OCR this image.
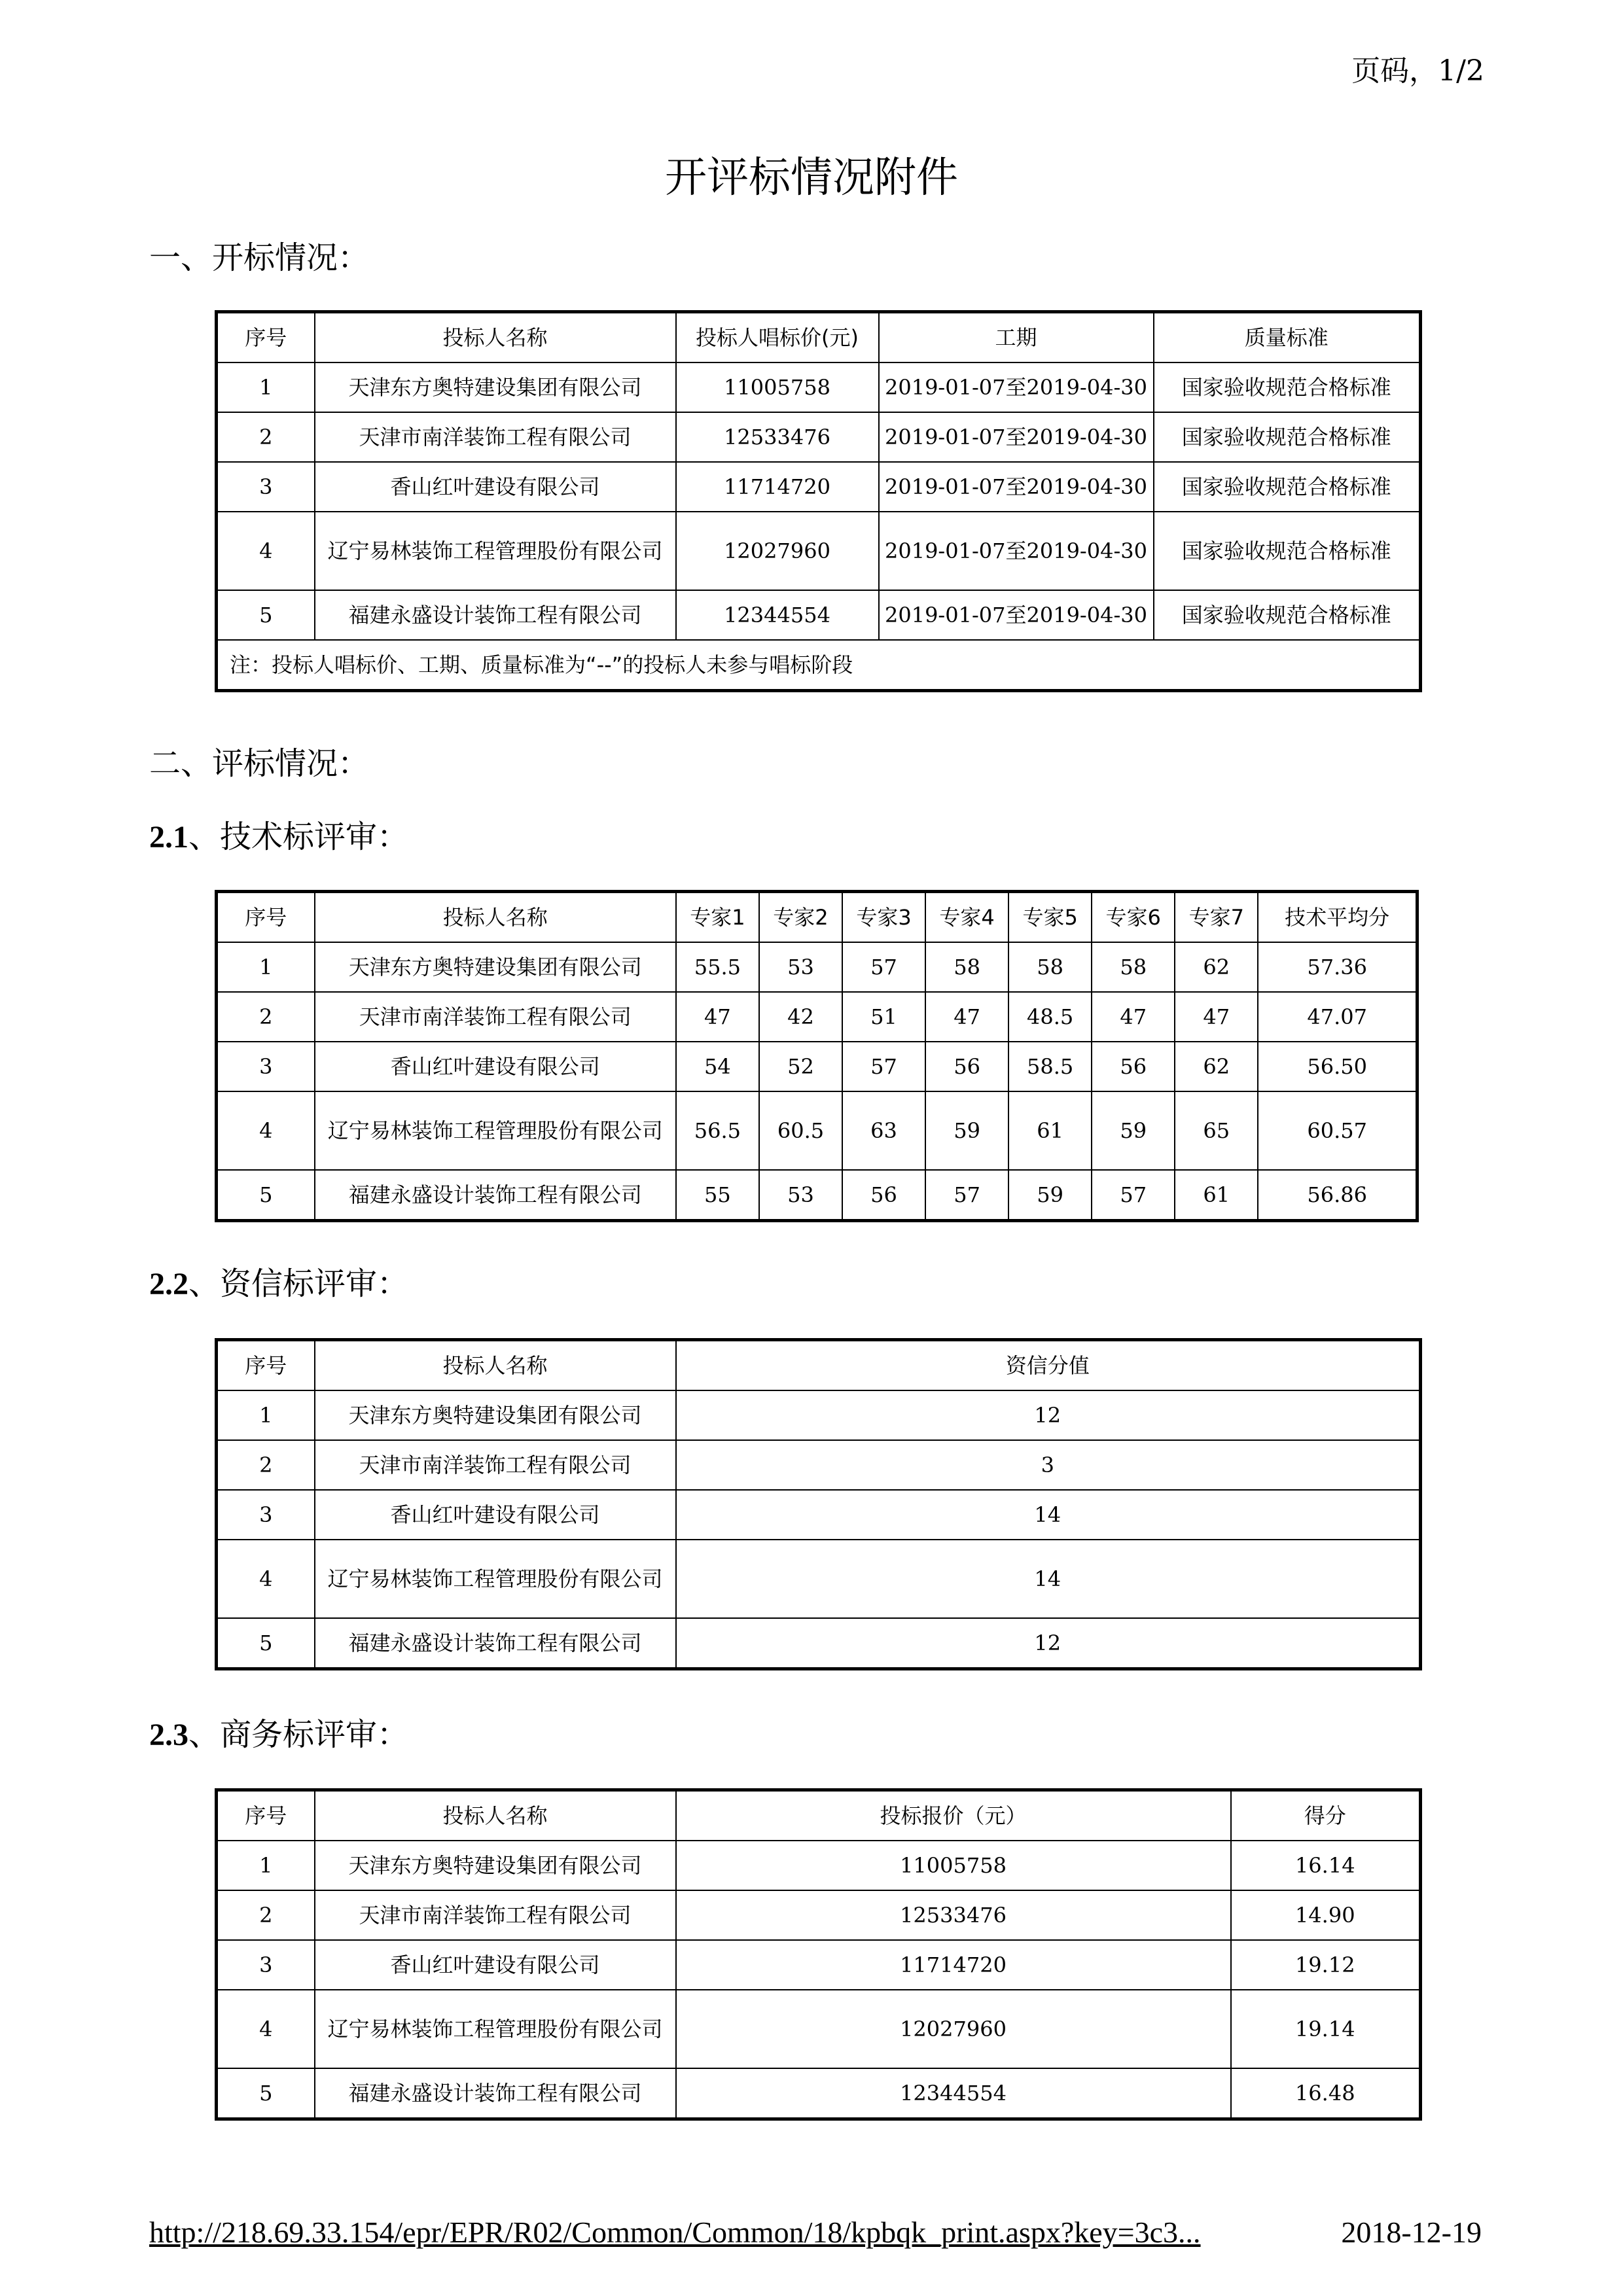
页码，1/2
开评标情况附件
一、开标情况：
序号	投标人名称	投标人唱标价(元)	工期	质量标准
1	天津东方奥特建设集团有限公司	11005758	2019-01-07至2019-04-30	国家验收规范合格标准
2	天津市南洋装饰工程有限公司	12533476	2019-01-07至2019-04-30	国家验收规范合格标准
3	香山红叶建设有限公司	11714720	2019-01-07至2019-04-30	国家验收规范合格标准
4	辽宁易林装饰工程管理股份有限公司	12027960	2019-01-07至2019-04-30	国家验收规范合格标准
5	福建永盛设计装饰工程有限公司	12344554	2019-01-07至2019-04-30	国家验收规范合格标准
注：投标人唱标价、工期、质量标准为“--”的投标人未参与唱标阶段				
二、评标情况：
2.1、技术标评审：
序号	投标人名称	专家1	专家2	专家3	专家4	专家5	专家6	专家7	技术平均分
1	天津东方奥特建设集团有限公司	55.5	53	57	58	58	58	62	57.36
2	天津市南洋装饰工程有限公司	47	42	51	47	48.5	47	47	47.07
3	香山红叶建设有限公司	54	52	57	56	58.5	56	62	56.50
4	辽宁易林装饰工程管理股份有限公司	56.5	60.5	63	59	61	59	65	60.57
5	福建永盛设计装饰工程有限公司	55	53	56	57	59	57	61	56.86
2.2、资信标评审：
序号	投标人名称	资信分值
1	天津东方奥特建设集团有限公司	12
2	天津市南洋装饰工程有限公司	3
3	香山红叶建设有限公司	14
4	辽宁易林装饰工程管理股份有限公司	14
5	福建永盛设计装饰工程有限公司	12
2.3、商务标评审：
序号	投标人名称	投标报价（元）	得分
1	天津东方奥特建设集团有限公司	11005758	16.14
2	天津市南洋装饰工程有限公司	12533476	14.90
3	香山红叶建设有限公司	11714720	19.12
4	辽宁易林装饰工程管理股份有限公司	12027960	19.14
5	福建永盛设计装饰工程有限公司	12344554	16.48
http://218.69.33.154/epr/EPR/R02/Common/Common/18/kpbqk_print.aspx?key=3c3...	2018-12-19
